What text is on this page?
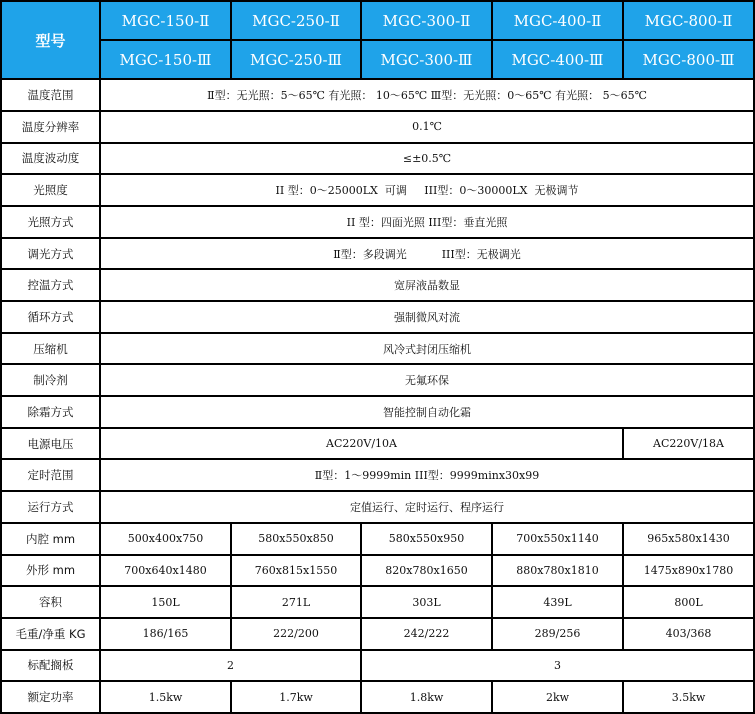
型号	MGC-150-Ⅱ	MGC-250-Ⅱ	MGC-300-Ⅱ	MGC-400-Ⅱ	MGC-800-Ⅱ
	MGC-150-Ⅲ	MGC-250-Ⅲ	MGC-300-Ⅲ	MGC-400-Ⅲ	MGC-800-Ⅲ
温度范围	Ⅱ型：无光照：5～65℃ 有光照： 10～65℃ Ⅲ型：无光照：0～65℃ 有光照： 5～65℃				
温度分辨率	0.1℃				
温度波动度	≤±0.5℃				
光照度	II 型：0～25000LX  可调     III型：0～30000LX  无极调节				
光照方式	II 型：四面光照 III型：垂直光照				
调光方式	Ⅱ型：多段调光          III型：无极调光				
控温方式	宽屏液晶数显				
循环方式	强制微风对流				
压缩机	风冷式封闭压缩机				
制冷剂	无氟环保				
除霜方式	智能控制自动化霜				
电源电压	AC220V/10A				AC220V/18A
定时范围	Ⅱ型：1～9999min III型：9999minx30x99				
运行方式	定值运行、定时运行、程序运行				
内腔 mm	500x400x750	580x550x850	580x550x950	700x550x1140	965x580x1430
外形 mm	700x640x1480	760x815x1550	820x780x1650	880x780x1810	1475x890x1780
容积	150L	271L	303L	439L	800L
毛重/净重 KG	186/165	222/200	242/222	289/256	403/368
标配搁板	2		3		
额定功率	1.5kw	1.7kw	1.8kw	2kw	3.5kw
